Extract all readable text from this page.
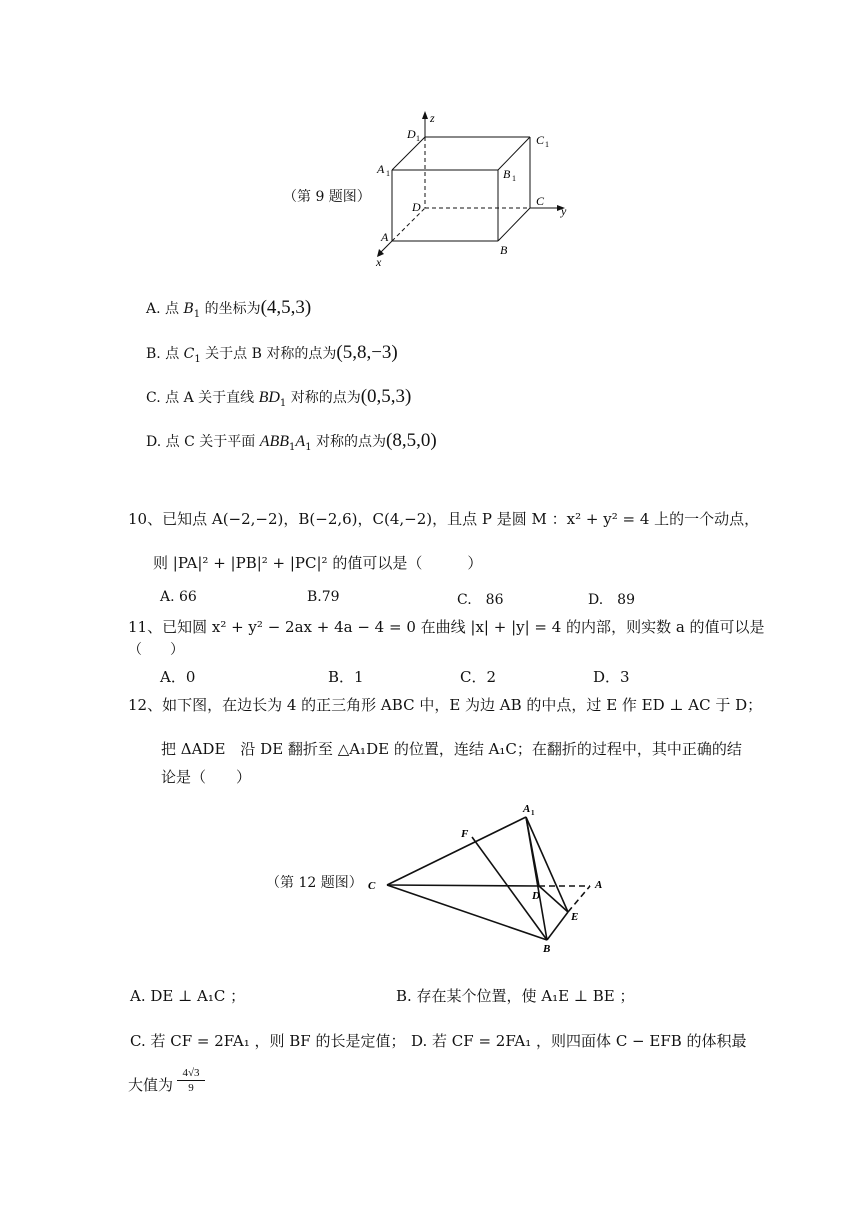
（第 9 题图）
z
y
x
D 1	C 1
A 1	B 1
D	C
A
B
A. 点 $B_1$ 的坐标为(4,5,3)
B. 点 $C_1$ 关于点 B 对称的点为(5,8,−3)
C. 点 A 关于直线 $BD_1$ 对称的点为(0,5,3)
D. 点 C 关于平面 $ABB_1A_1$ 对称的点为(8,5,0)
10、已知点 A(−2,−2)，B(−2,6)，C(4,−2)，且点 P 是圆 M ：x² + y² = 4 上的一个动点，
则 |PA|² + |PB|² + |PC|² 的值可以是（　　　）
A. 66	B.79	C.　86	D.　89
11、已知圆 x² + y² − 2ax + 4a − 4 = 0 在曲线 |x| + |y| = 4 的内部，则实数 a 的值可以是
（　　）
A．0	B．1	C．2	D．3
12、如下图，在边长为 4 的正三角形 ABC 中，E 为边 AB 的中点，过 E 作 ED ⊥ AC 于 D；
把 ΔADE　沿 DE 翻折至 △A₁DE 的位置，连结 A₁C；在翻折的过程中，其中正确的结
论是（　　）
（第 12 题图）
A 1
F
C
D
A
E
B
A. DE ⊥ A₁C ；	B. 存在某个位置，使 A₁E ⊥ BE ；
C. 若 CF = 2FA₁ ，则 BF 的长是定值； D. 若 CF = 2FA₁ ，则四面体 C − EFB 的体积最
大值为 $\frac{4√3}{9}$
